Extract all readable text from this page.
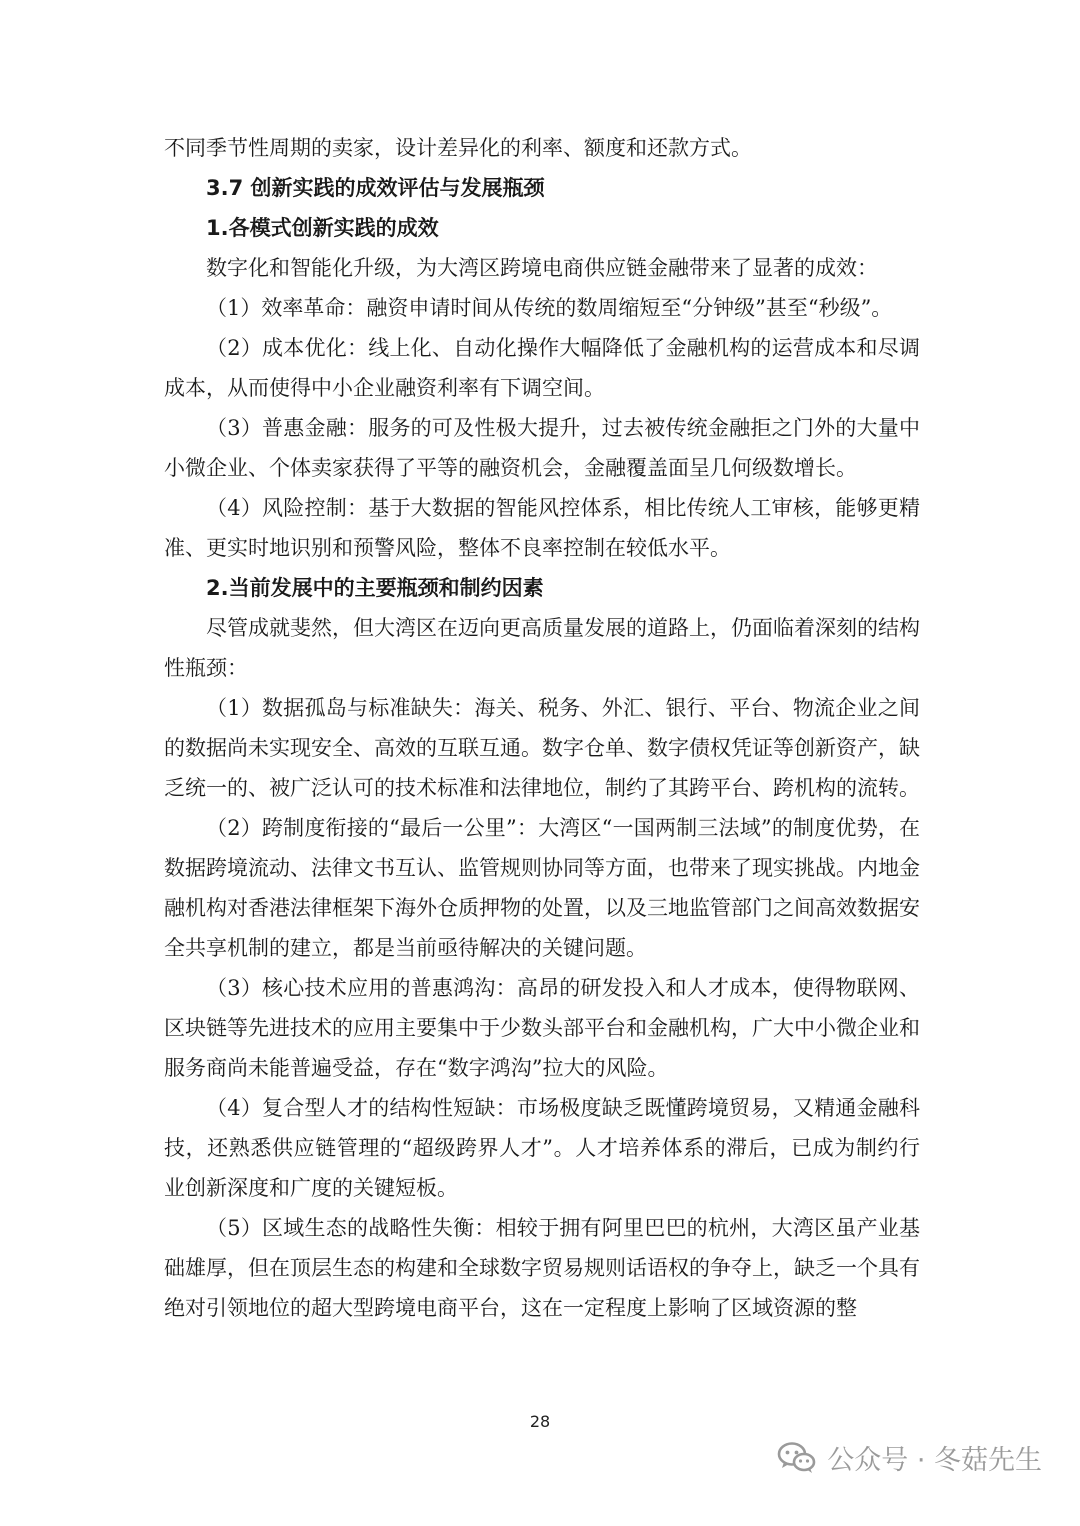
不同季节性周期的卖家，设计差异化的利率、额度和还款方式。

3.7 创新实践的成效评估与发展瓶颈

1.各模式创新实践的成效

数字化和智能化升级，为大湾区跨境电商供应链金融带来了显著的成效：

（1）效率革命：融资申请时间从传统的数周缩短至“分钟级”甚至“秒级”。

（2）成本优化：线上化、自动化操作大幅降低了金融机构的运营成本和尽调成本，从而使得中小企业融资利率有下调空间。

（3）普惠金融：服务的可及性极大提升，过去被传统金融拒之门外的大量中小微企业、个体卖家获得了平等的融资机会，金融覆盖面呈几何级数增长。

（4）风险控制：基于大数据的智能风控体系，相比传统人工审核，能够更精准、更实时地识别和预警风险，整体不良率控制在较低水平。

2.当前发展中的主要瓶颈和制约因素

尽管成就斐然，但大湾区在迈向更高质量发展的道路上，仍面临着深刻的结构性瓶颈：

（1）数据孤岛与标准缺失：海关、税务、外汇、银行、平台、物流企业之间的数据尚未实现安全、高效的互联互通。数字仓单、数字债权凭证等创新资产，缺乏统一的、被广泛认可的技术标准和法律地位，制约了其跨平台、跨机构的流转。

（2）跨制度衔接的“最后一公里”：大湾区“一国两制三法域”的制度优势，在数据跨境流动、法律文书互认、监管规则协同等方面，也带来了现实挑战。内地金融机构对香港法律框架下海外仓质押物的处置，以及三地监管部门之间高效数据安全共享机制的建立，都是当前亟待解决的关键问题。

（3）核心技术应用的普惠鸿沟：高昂的研发投入和人才成本，使得物联网、区块链等先进技术的应用主要集中于少数头部平台和金融机构，广大中小微企业和服务商尚未能普遍受益，存在“数字鸿沟”拉大的风险。

（4）复合型人才的结构性短缺：市场极度缺乏既懂跨境贸易，又精通金融科技，还熟悉供应链管理的“超级跨界人才”。人才培养体系的滞后，已成为制约行业创新深度和广度的关键短板。

（5）区域生态的战略性失衡：相较于拥有阿里巴巴的杭州，大湾区虽产业基础雄厚，但在顶层生态的构建和全球数字贸易规则话语权的争夺上，缺乏一个具有绝对引领地位的超大型跨境电商平台，这在一定程度上影响了区域资源的整

28
公众号 · 冬菇先生
